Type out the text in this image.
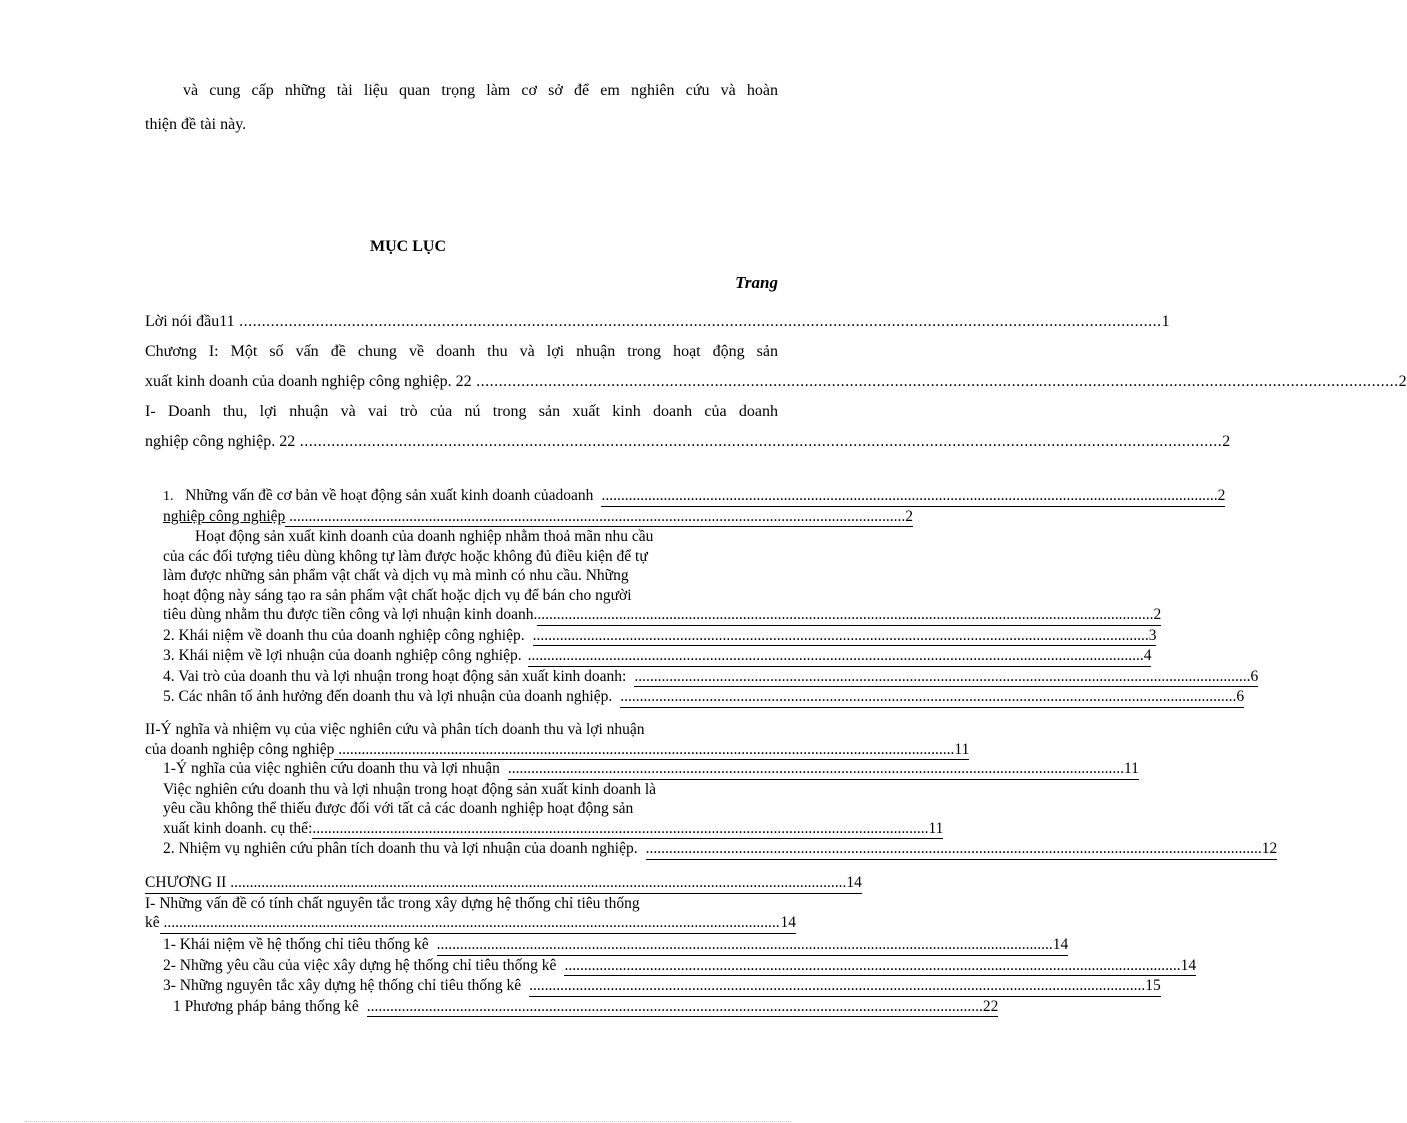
và cung cấp những tài liệu quan trọng làm cơ sở để em nghiên cứu và hoàn
thiện đề tài này.
MỤC LỤC
Trang
Lời nói đầu11 ............................................................................................................................................................................................................. 1
Chương I: Một số vấn đề chung về doanh thu và lợi nhuận trong hoạt động sản
xuất kinh doanh của doanh nghiệp công nghiệp. 22 ............................................................................................................................................................................................................. 2
I- Doanh thu, lợi nhuận và vai trò của nú trong sản xuất kinh doanh của doanh
nghiệp công nghiệp. 22 ............................................................................................................................................................................................................. 2
1. Những vấn đề cơ bản về hoạt động sản xuất kinh doanh củadoanh ............................................................................................................................................................... 2
nghiệp công nghiệp ............................................................................................................................................................... 2
Hoạt động sản xuất kinh doanh của doanh nghiệp nhằm thoả mãn nhu cầu
của các đối tượng tiêu dùng không tự làm được hoặc không đủ điều kiện để tự
làm được những sản phẩm vật chất và dịch vụ mà mình có nhu cầu. Những
hoạt động này sáng tạo ra sản phẩm vật chất hoặc dịch vụ để bán cho người
tiêu dùng nhằm thu được tiền công và lợi nhuận kinh doanh. ............................................................................................................................................................... 2
2. Khái niệm về doanh thu của doanh nghiệp công nghiệp. ............................................................................................................................................................... 3
3. Khái niệm về lợi nhuận của doanh nghiệp công nghiệp. ............................................................................................................................................................... 4
4. Vai trò của doanh thu và lợi nhuận trong hoạt động sản xuất kinh doanh: ............................................................................................................................................................... 6
5. Các nhân tố ảnh hưởng đến doanh thu và lợi nhuận của doanh nghiệp. ............................................................................................................................................................... 6
II-Ý nghĩa và nhiệm vụ của việc nghiên cứu và phân tích doanh thu và lợi nhuận
của doanh nghiệp công nghiệp ............................................................................................................................................................... 11
1-Ý nghĩa của việc nghiên cứu doanh thu và lợi nhuận ............................................................................................................................................................... 11
Việc nghiên cứu doanh thu và lợi nhuận trong hoạt động sản xuất kinh doanh là
yêu cầu không thể thiếu được đối với tất cả các doanh nghiệp hoạt động sản
xuất kinh doanh. cụ thể: ............................................................................................................................................................... 11
2. Nhiệm vụ nghiên cứu phân tích doanh thu và lợi nhuận của doanh nghiệp. ............................................................................................................................................................... 12
CHƯƠNG II ............................................................................................................................................................... 14
I- Những vấn đề có tính chất nguyên tắc trong xây dựng hệ thống chỉ tiêu thống
kê ............................................................................................................................................................... 14
1- Khái niệm về hệ thống chỉ tiêu thống kê ............................................................................................................................................................... 14
2- Những yêu cầu của việc xây dựng hệ thống chỉ tiêu thống kê ............................................................................................................................................................... 14
3- Những nguyên tắc xây dựng hệ thống chỉ tiêu thống kê ............................................................................................................................................................... 15
1 Phương pháp bảng thống kê ............................................................................................................................................................... 22
